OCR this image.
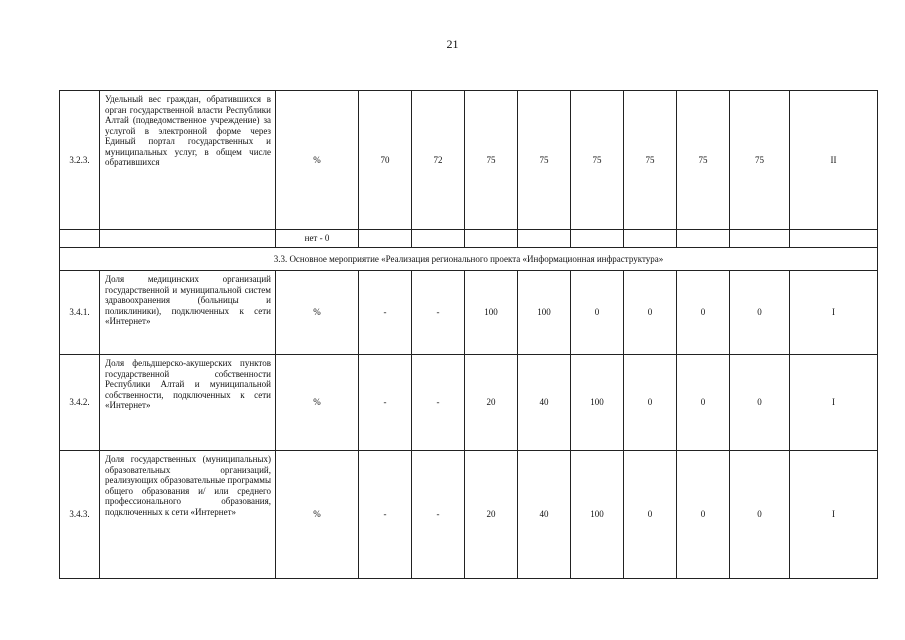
21
3.2.3.	Удельный вес граждан, обратившихся в орган государственной власти Республики Алтай (подведомственное учреждение) за услугой в электронной форме через Единый портал государственных и муниципальных услуг, в общем числе обратившихся	%	70	72	75	75	75	75	75	75	II
		нет - 0									
3.3. Основное мероприятие «Реализация регионального проекта «Информационная инфраструктура»											
3.4.1.	Доля медицинских организаций государственной и муниципальной систем здравоохранения (больницы и поликлиники), подключенных к сети «Интернет»	%	-	-	100	100	0	0	0	0	I
3.4.2.	Доля фельдшерско-акушерских пунктов государственной собственности Республики Алтай и муниципальной собственности, подключенных к сети «Интернет»	%	-	-	20	40	100	0	0	0	I
3.4.3.	Доля государственных (муниципальных) образовательных организаций, реализующих образовательные программы общего образования и/ или среднего профессионального образования, подключенных к сети «Интернет»	%	-	-	20	40	100	0	0	0	I
